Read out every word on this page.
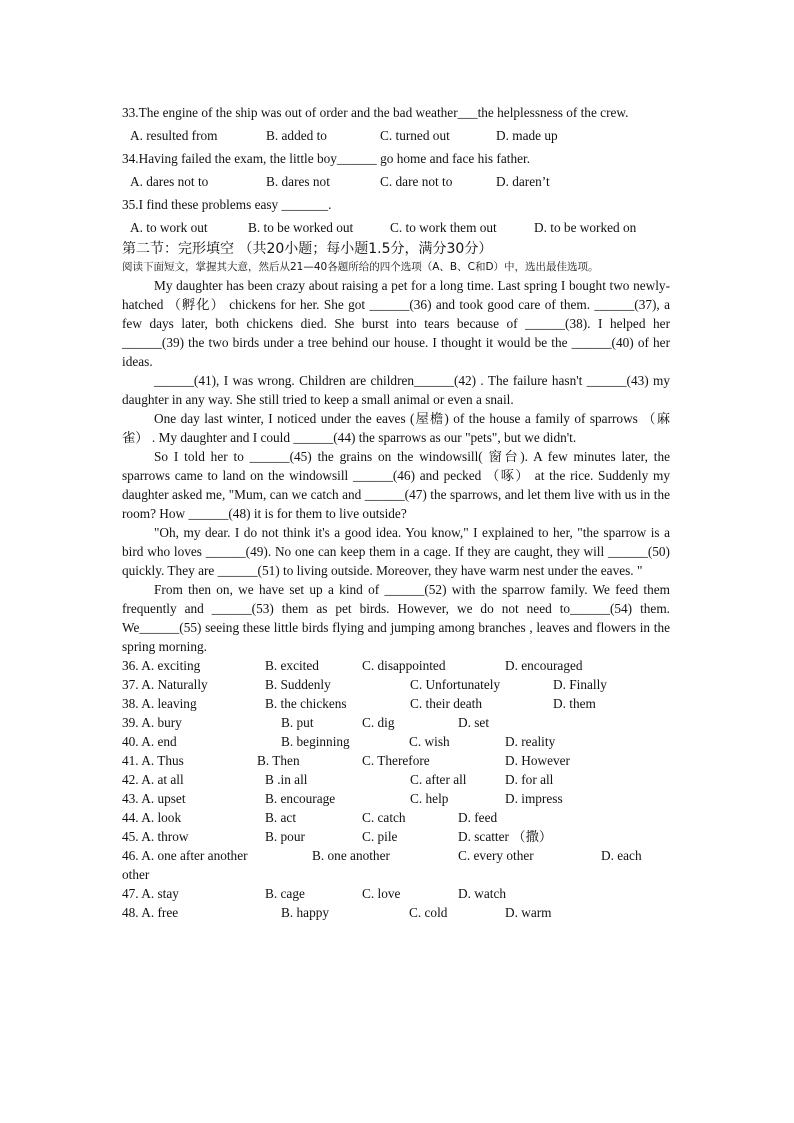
33.The engine of the ship was out of order and the bad weather___the helplessness of the crew.
A. resulted from	B. added to	C. turned out	D. made up
34.Having failed the exam, the little boy______ go home and face his father.
A. dares not to	B. dares not	C. dare not to	D. daren’t
35.I find these problems easy _______.
A. to work out	B. to be worked out	C. to work them out	D. to be worked on
第二节：完形填空 （共20小题；每小题1.5分，满分30分）
阅读下面短文，掌握其大意，然后从21—40各题所给的四个选项（A、B、C和D）中，选出最佳选项。
My daughter has been crazy about raising a pet for a long time. Last spring I bought two newly-hatched （孵化） chickens for her. She got ______(36) and took good care of them. ______(37), a few days later, both chickens died. She burst into tears because of ______(38). I helped her ______(39) the two birds under a tree behind our house. I thought it would be the ______(40) of her ideas.
______(41), I was wrong. Children are children______(42) . The failure hasn't ______(43) my daughter in any way. She still tried to keep a small animal or even a snail.
One day last winter, I noticed under the eaves (屋檐) of the house a family of sparrows （麻雀） . My daughter and I could ______(44) the sparrows as our "pets", but we didn't.
So I told her to ______(45) the grains on the windowsill( 窗台). A few minutes later, the sparrows came to land on the windowsill ______(46) and pecked （啄） at the rice. Suddenly my daughter asked me, "Mum, can we catch and ______(47) the sparrows, and let them live with us in the room? How ______(48) it is for them to live outside?
"Oh, my dear. I do not think it's a good idea. You know," I explained to her, "the sparrow is a bird who loves ______(49). No one can keep them in a cage. If they are caught, they will ______(50) quickly. They are ______(51) to living outside. Moreover, they have warm nest under the eaves. "
From then on, we have set up a kind of ______(52) with the sparrow family. We feed them frequently and ______(53) them as pet birds. However, we do not need to______(54) them. We______(55) seeing these little birds flying and jumping among branches , leaves and flowers in the spring morning.
36. A. exciting	B. excited	C. disappointed	D. encouraged
37. A. Naturally	B. Suddenly	C. Unfortunately	D. Finally
38. A. leaving	B. the chickens	C. their death	D. them
39. A. bury	B. put	C. dig	D. set
40. A. end	B. beginning	C. wish	D. reality
41. A. Thus	B. Then	C. Therefore	D. However
42. A. at all	B .in all	C. after all	D. for all
43. A. upset	B. encourage	C. help	D. impress
44. A. look	B. act	C. catch	D. feed
45. A. throw	B. pour	C. pile	D. scatter （撒）
46. A. one after another	B. one another	C. every other	D. each other
47. A. stay	B. cage	C. love	D. watch
48. A. free	B. happy	C. cold	D. warm
